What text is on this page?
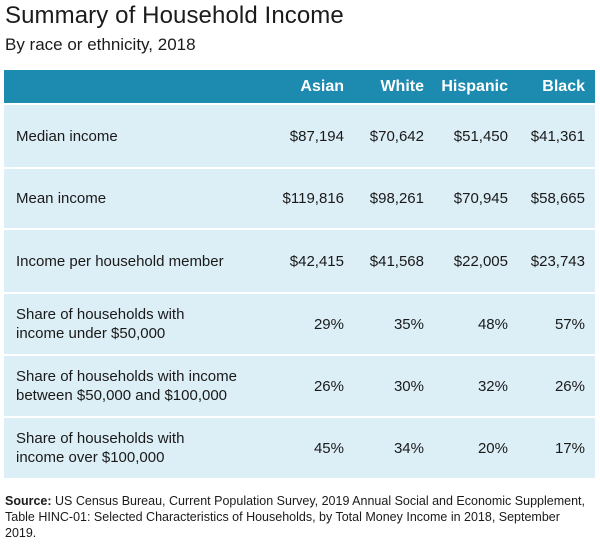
Summary of Household Income
By race or ethnicity, 2018
	Asian	White	Hispanic	Black
Median income	$87,194	$70,642	$51,450	$41,361
Mean income	$119,816	$98,261	$70,945	$58,665
Income per household member	$42,415	$41,568	$22,005	$23,743
Share of households with
income under $50,000	29%	35%	48%	57%
Share of households with income
between $50,000 and $100,000	26%	30%	32%	26%
Share of households with
income over $100,000	45%	34%	20%	17%
Source: US Census Bureau, Current Population Survey, 2019 Annual Social and Economic Supplement, Table HINC-01: Selected Characteristics of Households, by Total Money Income in 2018, September 2019.
